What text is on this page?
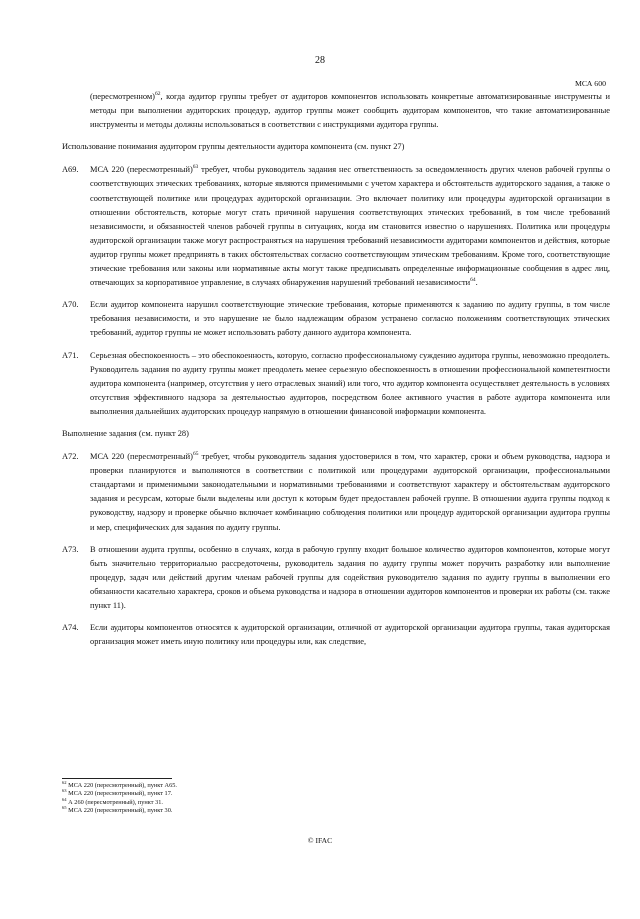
28
МСА 600

(пересмотренном)$^{62}$, когда аудитор группы требует от аудиторов компонентов использовать конкретные автоматизированные инструменты и методы при выполнении аудиторских процедур, аудитор группы может сообщить аудиторам компонентов, что такие автоматизированные инструменты и методы должны использоваться в соответствии с инструкциями аудитора группы.

Использование понимания аудитором группы деятельности аудитора компонента (см. пункт 27)

A69. МСА 220 (пересмотренный)$^{63}$ требует, чтобы руководитель задания нес ответственность за осведомленность других членов рабочей группы о соответствующих этических требованиях, которые являются применимыми с учетом характера и обстоятельств аудиторского задания, а также о соответствующей политике или процедурах аудиторской организации. Это включает политику или процедуры аудиторской организации в отношении обстоятельств, которые могут стать причиной нарушения соответствующих этических требований, в том числе требований независимости, и обязанностей членов рабочей группы в ситуациях, когда им становится известно о нарушениях. Политика или процедуры аудиторской организации также могут распространяться на нарушения требований независимости аудиторами компонентов и действия, которые аудитор группы может предпринять в таких обстоятельствах согласно соответствующим этическим требованиям. Кроме того, соответствующие этические требования или законы или нормативные акты могут также предписывать определенные информационные сообщения в адрес лиц, отвечающих за корпоративное управление, в случаях обнаружения нарушений требований независимости$^{64}$.

A70. Если аудитор компонента нарушил соответствующие этические требования, которые применяются к заданию по аудиту группы, в том числе требования независимости, и это нарушение не было надлежащим образом устранено согласно положениям соответствующих этических требований, аудитор группы не может использовать работу данного аудитора компонента.

A71. Серьезная обеспокоенность – это обеспокоенность, которую, согласно профессиональному суждению аудитора группы, невозможно преодолеть. Руководитель задания по аудиту группы может преодолеть менее серьезную обеспокоенность в отношении профессиональной компетентности аудитора компонента (например, отсутствия у него отраслевых знаний) или того, что аудитор компонента осуществляет деятельность в условиях отсутствия эффективного надзора за деятельностью аудиторов, посредством более активного участия в работе аудитора компонента или выполнения дальнейших аудиторских процедур напрямую в отношении финансовой информации компонента.

Выполнение задания (см. пункт 28)

A72. МСА 220 (пересмотренный)$^{65}$ требует, чтобы руководитель задания удостоверился в том, что характер, сроки и объем руководства, надзора и проверки планируются и выполняются в соответствии с политикой или процедурами аудиторской организации, профессиональными стандартами и применимыми законодательными и нормативными требованиями и соответствуют характеру и обстоятельствам аудиторского задания и ресурсам, которые были выделены или доступ к которым будет предоставлен рабочей группе. В отношении аудита группы подход к руководству, надзору и проверке обычно включает комбинацию соблюдения политики или процедур аудиторской организации аудитора группы и мер, специфических для задания по аудиту группы.

A73. В отношении аудита группы, особенно в случаях, когда в рабочую группу входит большое количество аудиторов компонентов, которые могут быть значительно территориально рассредоточены, руководитель задания по аудиту группы может поручить разработку или выполнение процедур, задач или действий другим членам рабочей группы для содействия руководителю задания по аудиту группы в выполнении его обязанности касательно характера, сроков и объема руководства и надзора в отношении аудиторов компонентов и проверки их работы (см. также пункт 11).

A74. Если аудиторы компонентов относятся к аудиторской организации, отличной от аудиторской организации аудитора группы, такая аудиторская организация может иметь иную политику или процедуры или, как следствие,

$^{62}$ МСА 220 (пересмотренный), пункт А65.
$^{63}$ МСА 220 (пересмотренный), пункт 17.
$^{64}$ А 260 (пересмотренный), пункт 31.
$^{65}$ МСА 220 (пересмотренный), пункт 30.
© IFAC
